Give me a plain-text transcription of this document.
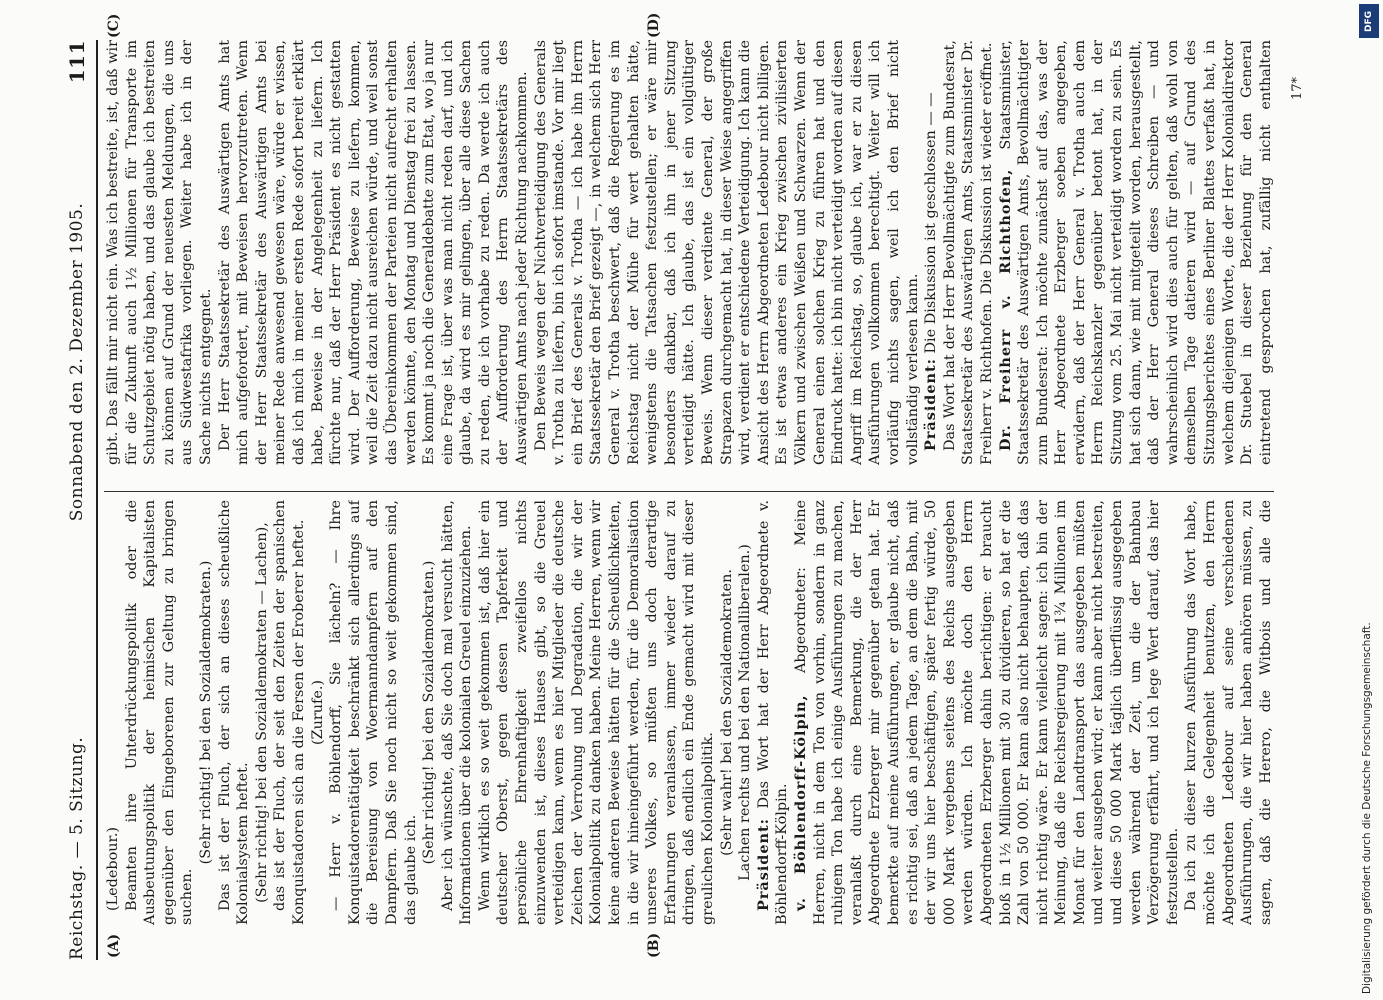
Reichstag. — 5. Sitzung.
Sonnabend den 2. Dezember 1905.
111
(A)	(B)
(C)	(D)

(Ledebour.) Beamten ihre Unterdrückungspolitik oder die Ausbeutungspolitik der heimischen Kapitalisten gegenüber den Eingeborenen zur Geltung zu bringen suchen.

(Sehr richtig! bei den Sozialdemokraten.) Das ist der Fluch, der sich an dieses scheußliche Kolonialsystem heftet. (Sehr richtig! bei den Sozialdemokraten — Lachen), das ist der Fluch, der seit den Zeiten der spanischen Konquistadoren sich an die Fersen der Eroberer heftet. (Zurufe.) — Herr v. Böhlendorff, Sie lächeln? — Ihre Konquistadorentätigkeit beschränkt sich allerdings auf die Bereisung von Woermanndampfern auf den Dampfern. Daß Sie noch nicht so weit gekommen sind, das glaube ich.

(Sehr richtig! bei den Sozialdemokraten.) Aber ich wünschte, daß Sie doch mal versucht hätten, Informationen über die kolonialen Greuel einzuziehen. Wenn wirklich es so weit gekommen ist, daß hier ein deutscher Oberst, gegen dessen Tapferkeit und persönliche Ehrenhaftigkeit zweifellos nichts einzuwenden ist, dieses Hauses gibt, so die Greuel verteidigen kann, wenn es hier Mitglieder die deutsche Zeichen der Verrohung und Degradation, die wir der Kolonialpolitik zu danken haben. Meine Herren, wenn wir keine anderen Beweise hätten für die Scheußlichkeiten, in die wir hineingeführt werden, für die Demoralisation unseres Volkes, so müßten uns doch derartige Erfahrungen veranlassen, immer wieder darauf zu dringen, daß endlich ein Ende gemacht wird mit dieser greulichen Kolonialpolitik. (Sehr wahr! bei den Sozialdemokraten. Lachen rechts und bei den Nationalliberalen.) Präsident: Das Wort hat der Herr Abgeordnete v. Böhlendorff-Kölpin. v. Böhlendorff-Kölpin, Abgeordneter: Meine Herren, nicht in dem Ton von vorhin, sondern in ganz ruhigem Ton habe ich einige Ausführungen zu machen, veranlaßt durch eine Bemerkung, die der Herr Abgeordnete Erzberger mir gegenüber getan hat. Er bemerkte auf meine Ausführungen, er glaube nicht, daß es richtig sei, daß an jedem Tage, an dem die Bahn, mit der wir uns hier beschäftigen, später fertig würde, 50 000 Mark vergebens seitens des Reichs ausgegeben werden würden. Ich möchte doch den Herrn Abgeordneten Erzberger dahin berichtigen: er braucht bloß in 1½ Millionen mit 30 zu dividieren, so hat er die Zahl von 50 000. Er kann also nicht behaupten, daß das nicht richtig wäre. Er kann vielleicht sagen: ich bin der Meinung, daß die Reichsregierung mit 1¾ Millionen im Monat für den Landtransport das ausgegeben müßten und weiter ausgeben wird; er kann aber nicht bestreiten, und diese 50 000 Mark täglich überflüssig ausgegeben werden während der Zeit, um die der Bahnbau Verzögerung erfährt, und ich lege Wert darauf, das hier festzustellen. Da ich zu dieser kurzen Ausführung das Wort habe, möchte ich die Gelegenheit benutzen, den Herrn Abgeordneten Ledebour auf seine verschiedenen Ausführungen, die wir hier haben anhören müssen, zu sagen, daß die Herero, die Witbois und alle die

gibt. Das fällt mir nicht ein. Was ich bestreite, ist, daß wir für die Zukunft auch 1½ Millionen für Transporte im Schutzgebiet nötig haben, und das glaube ich bestreiten zu können auf Grund der neuesten Meldungen, die uns aus Südwestafrika vorliegen. Weiter habe ich in der Sache nichts entgegnet. Der Herr Staatssekretär des Auswärtigen Amts hat mich aufgefordert, mit Beweisen hervorzutreten. Wenn der Herr Staatssekretär des Auswärtigen Amts bei meiner Rede anwesend gewesen wäre, würde er wissen, daß ich mich in meiner ersten Rede sofort bereit erklärt habe, Beweise in der Angelegenheit zu liefern. Ich fürchte nur, daß der Herr Präsident es nicht gestatten wird. Der Aufforderung, Beweise zu liefern, kommen, weil die Zeit dazu nicht ausreichen würde, und weil sonst das Übereinkommen der Parteien nicht aufrecht erhalten werden könnte, den Montag und Dienstag frei zu lassen. Es kommt ja noch die Generaldebatte zum Etat, wo ja nur eine Frage ist, über was man nicht reden darf, und ich glaube, da wird es mir gelingen, über alle diese Sachen zu reden, die ich vorhabe zu reden. Da werde ich auch der Aufforderung des Herrn Staatssekretärs des Auswärtigen Amts nach jeder Richtung nachkommen. Den Beweis wegen der Nichtverteidigung des Generals v. Trotha zu liefern, bin ich sofort imstande. Vor mir liegt ein Brief des Generals v. Trotha — ich habe ihn Herrn Staatssekretär den Brief gezeigt —, in welchem sich Herr General v. Trotha beschwert, daß die Regierung es im Reichstag nicht der Mühe für wert gehalten hätte, wenigstens die Tatsachen festzustellen; er wäre mir besonders dankbar, daß ich ihn in jener Sitzung verteidigt hätte. Ich glaube, das ist ein vollgültiger Beweis. Wenn dieser verdiente General, der große Strapazen durchgemacht hat, in dieser Weise angegriffen wird, verdient er entschiedene Verteidigung. Ich kann die Ansicht des Herrn Abgeordneten Ledebour nicht billigen. Es ist etwas anderes ein Krieg zwischen zivilisierten Völkern und zwischen Weißen und Schwarzen. Wenn der General einen solchen Krieg zu führen hat und den Eindruck hatte: ich bin nicht verteidigt worden auf diesen Angriff im Reichstag, so, glaube ich, war er zu diesen Ausführungen vollkommen berechtigt. Weiter will ich vorläufig nichts sagen, weil ich den Brief nicht vollständig verlesen kann. Präsident: Die Diskussion ist geschlossen — — Das Wort hat der Herr Bevollmächtigte zum Bundesrat, Staatssekretär des Auswärtigen Amts, Staatsminister Dr. Freiherr v. Richthofen. Die Diskussion ist wieder eröffnet. Dr. Freiherr v. Richthofen, Staatsminister, Staatssekretär des Auswärtigen Amts, Bevollmächtigter zum Bundesrat: Ich möchte zunächst auf das, was der Herr Abgeordnete Erzberger soeben angegeben, erwidern, daß der Herr General v. Trotha auch dem Herrn Reichskanzler gegenüber betont hat, in der Sitzung vom 25. Mai nicht verteidigt worden zu sein. Es hat sich dann, wie mit mitgeteilt worden, herausgestellt, daß der Herr General dieses Schreiben — und wahrscheinlich wird dies auch für gelten, daß wohl von demselben Tage datieren wird — auf Grund des Sitzungsberichtes eines Berliner Blattes verfaßt hat, in welchem diejenigen Worte, die der Herr Kolonialdirektor Dr. Stuebel in dieser Beziehung für den General eintretend gesprochen hat, zufällig nicht enthalten	17*
DFG
Digitalisierung gefördert durch die Deutsche Forschungsgemeinschaft.
